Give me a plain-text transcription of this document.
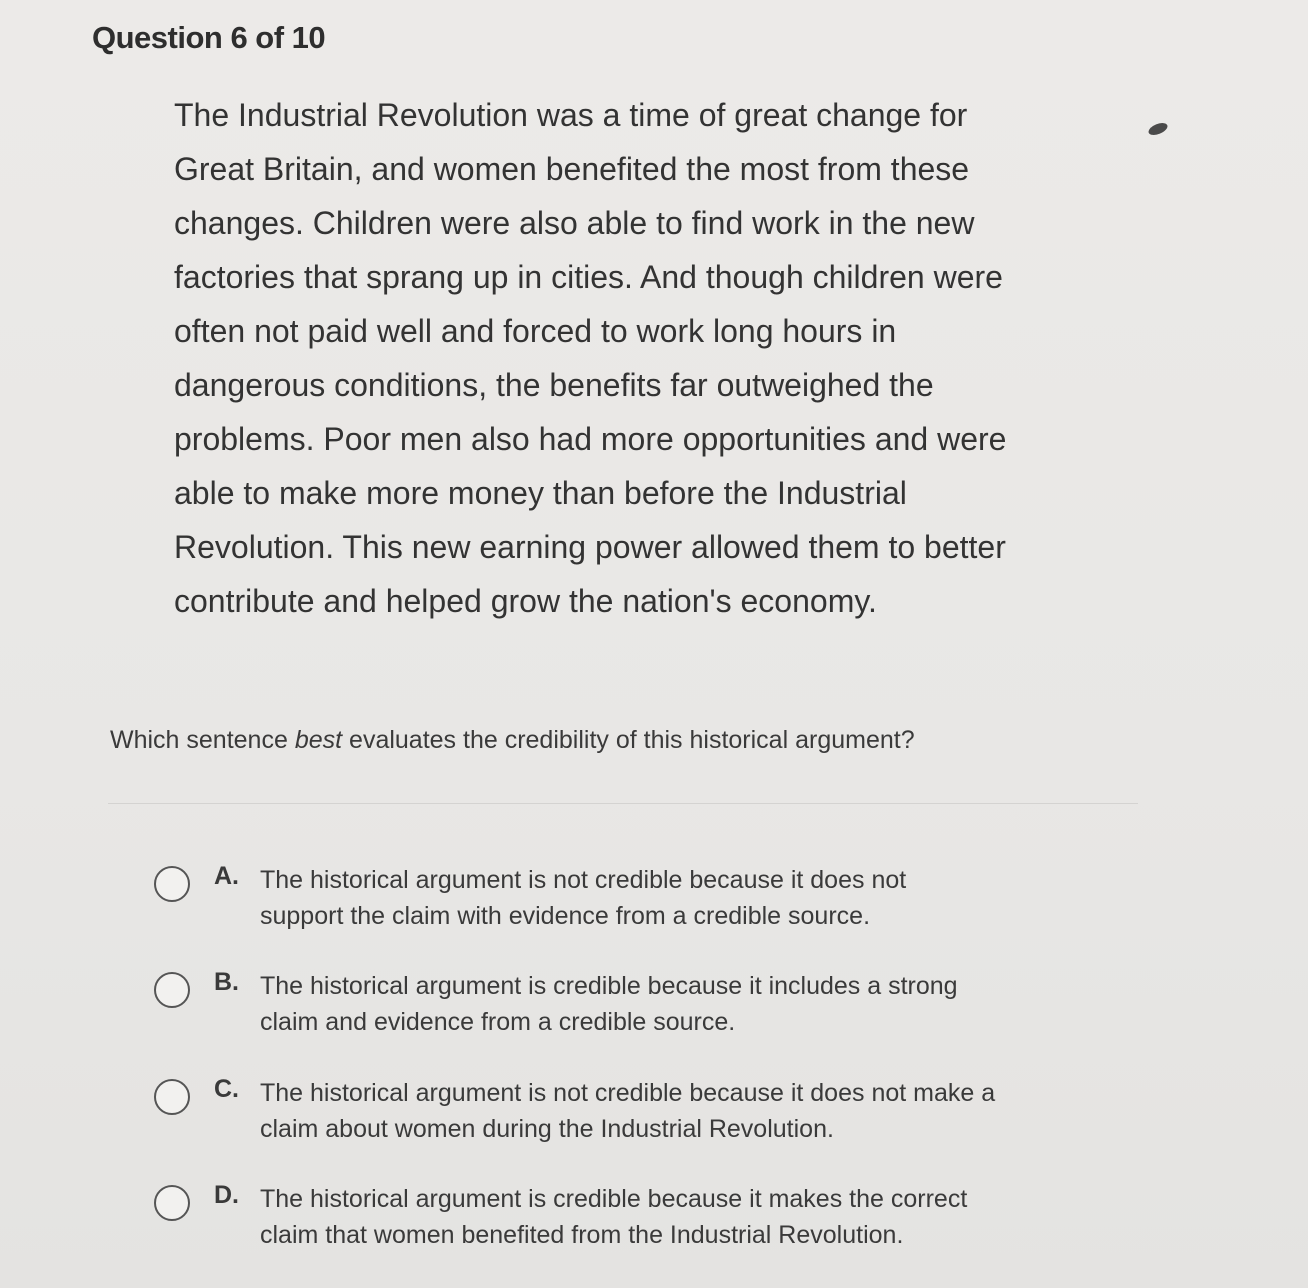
Question 6 of 10

The Industrial Revolution was a time of great change for
Great Britain, and women benefited the most from these
changes. Children were also able to find work in the new
factories that sprang up in cities. And though children were
often not paid well and forced to work long hours in
dangerous conditions, the benefits far outweighed the
problems. Poor men also had more opportunities and were
able to make more money than before the Industrial
Revolution. This new earning power allowed them to better
contribute and helped grow the nation's economy.

Which sentence best evaluates the credibility of this historical argument?
A. The historical argument is not credible because it does not
support the claim with evidence from a credible source.
B. The historical argument is credible because it includes a strong
claim and evidence from a credible source.
C. The historical argument is not credible because it does not make a
claim about women during the Industrial Revolution.
D. The historical argument is credible because it makes the correct
claim that women benefited from the Industrial Revolution.
